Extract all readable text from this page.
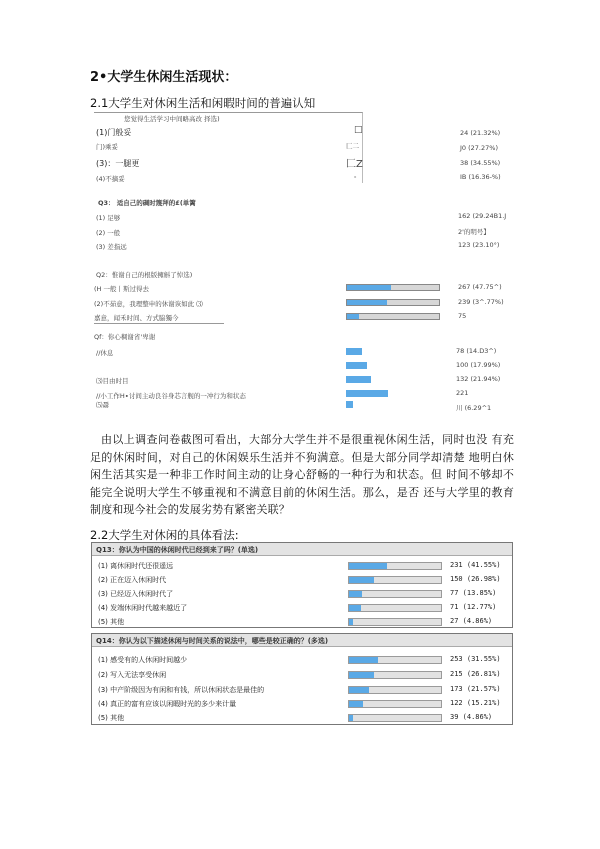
2•大学生休闲生活现状：
2.1大学生对休闲生活和闲暇时间的普遍认知
您觉得生活学习中间略高改 择选)
(1)门般妥
门)乘妥
(3)：一腿更
(4)不摘妥
□
匚二
匚Z
。
24 (21.32%)
J0 (27.27%)
38 (34.55%)
IB (16.36-%)
Q3： 适自己的碉时篾拜的£(单篱
(1) 足够
(2) 一般
(3) 差指远
162 (29.24B1.J
2'的明号】
123 (23.10°)
Q2：惟谢自己的根版擁斛了悼选)
(H 一般丨斯过得去
(2)不茹意，我理整申的休谢诙如此 ⑶
嘉意，闻禾时间、方式脇獨今
267 (47.75^)
239 (3^.77%)
75
Qf：你心稠谢省'卑谢
//休息
⑶目由时目
//小工作H∙讨间主动良谷身芯言舰的一冲行为和状态
⑸聶
78 (14.D3^)
100 (17.99%)
132 (21.94%)
221
川 (6.29^1
由以上调查问卷截图可看出，大部分大学生并不是很重视休闲生活，同时也没 有充足的休闲时间，对自己的休闲娱乐生活并不狗满意。但是大部分同学却清楚 地明白休闲生活其实是一种非工作时间主动的让身心舒畅的一种行为和状态。但 时间不够却不能完全说明大学生不够重视和不满意目前的休闲生活。那么，是否 还与大学里的教育制度和现今社会的发展劣势有紧密关联？
2.2大学生对休闲的具体看法:
Q13：你认为中国的休闲时代已经到来了吗？(单选)
(1) 离休闲时代还很遥远
(2) 正在迈入休闲时代
(3) 已经迈入休闲时代了
(4) 发端休闲时代越来越近了
(5) 其他
231 (41.55%)
150 (26.98%)
77 (13.85%)
71 (12.77%)
27 (4.86%)
Q14：你认为以下描述休闲与时间关系的说法中，哪些是较正确的？(多选)
(1) 感受有的人休闲时间越少
(2) 写入无法享受休闲
(3) 中产阶级因为有闲和有钱，所以休闲状态是最佳的
(4) 真正的富有应该以闲暇时光的多少来计量
(5) 其他
253 (31.55%)
215 (26.81%)
173 (21.57%)
122 (15.21%)
39 (4.86%)
